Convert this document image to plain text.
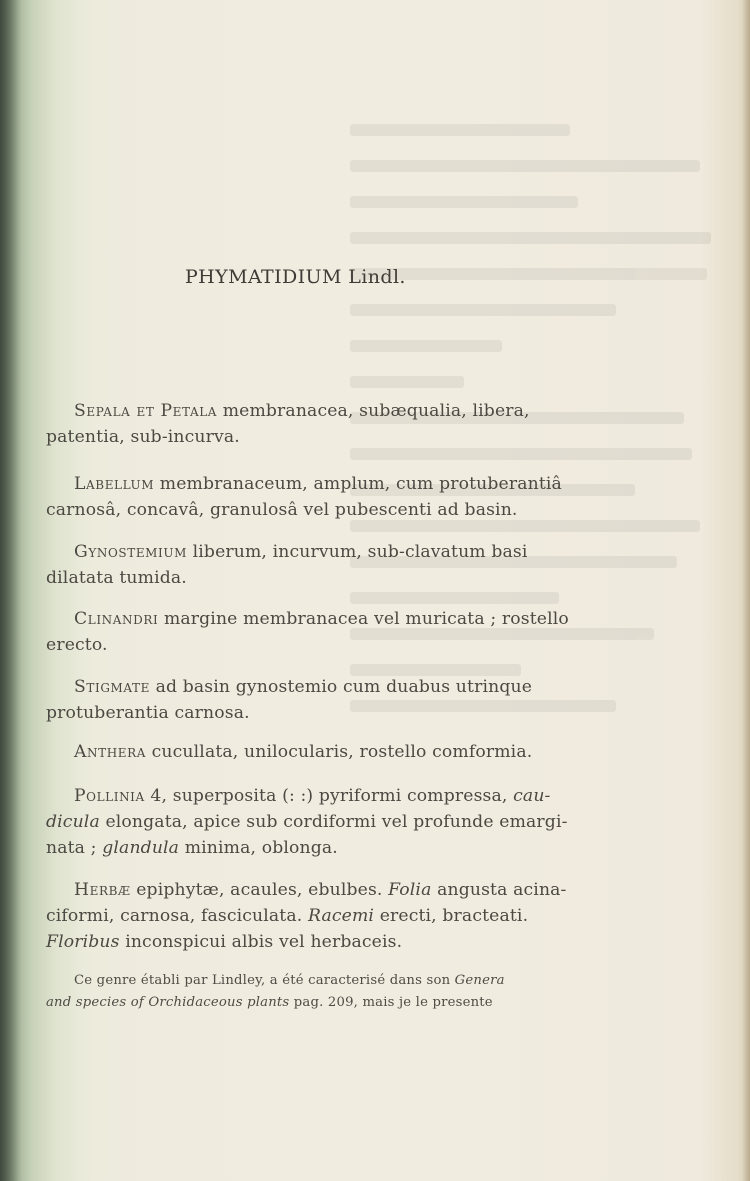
PHYMATIDIUM Lindl.
Sepala et Petala membranacea, subæqualia, libera,
patentia, sub-incurva.
Labellum membranaceum, amplum, cum protuberantiâ
carnosâ, concavâ, granulosâ vel pubescenti ad basin.
Gynostemium liberum, incurvum, sub-clavatum basi
dilatata tumida.
Clinandri margine membranacea vel muricata ; rostello
erecto.
Stigmate ad basin gynostemio cum duabus utrinque
protuberantia carnosa.
Anthera cucullata, unilocularis, rostello comformia.
Pollinia 4, superposita (: :) pyriformi compressa, cau-
dicula elongata, apice sub cordiformi vel profunde emargi-
nata ; glandula minima, oblonga.
Herbæ epiphytæ, acaules, ebulbes. Folia angusta acina-
ciformi, carnosa, fasciculata. Racemi erecti, bracteati.
Floribus inconspicui albis vel herbaceis.
Ce genre établi par Lindley, a été caracterisé dans son Genera
and species of Orchidaceous plants pag. 209, mais je le presente
